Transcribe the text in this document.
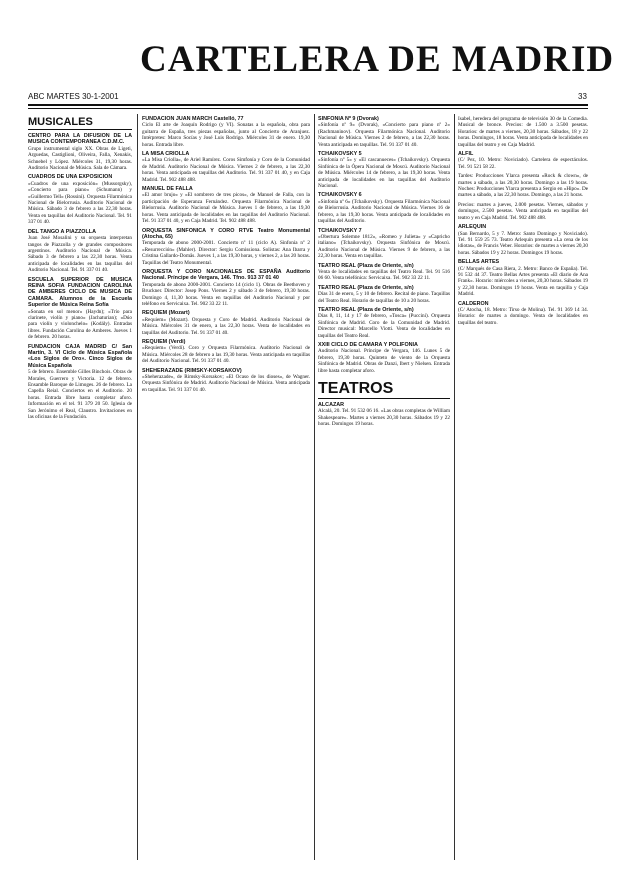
CARTELERA DE MADRID
ABC MARTES 30-1-2001	33
MUSICALES
CENTRO PARA LA DIFUSION DE LA MUSICA CONTEMPORANEA C.D.M.C.

Grupo instrumental siglo XX. Obras de Ligeti, Arguedas, Castiglioni, Oliveira, Falla, Xenakis, Schnebel y López. Miércoles 31, 19,30 horas. Auditorio Nacional de Música. Sala de Cámara.

CUADROS DE UNA EXPOSICION

«Cuadros de una exposición» (Mussorgsky), «Concierto para piano» (Schumann) y «Guillermo Tell» (Rossini). Orquesta Filarmónica Nacional de Bielorrusia. Auditorio Nacional de Música. Sábado 3 de febrero a las 22,30 horas. Venta en taquillas del Auditorio Nacional. Tel. 91 337 01 40.

DEL TANGO A PIAZZOLLA

Juan José Mosalini y su orquesta interpretan tangos de Piazzolla y de grandes compositores argentinos. Auditorio Nacional de Música. Sábado 3 de febrero a las 22,30 horas. Venta anticipada de localidades en las taquillas del Auditorio Nacional. Tel. 91 337 01 40.

ESCUELA SUPERIOR DE MUSICA REINA SOFIA FUNDACION CAROLINA DE AMBERES CICLO DE MUSICA DE CAMARA. Alumnos de la Escuela Superior de Música Reina Sofía

«Sonata en sol menor» (Haydn); «Trío para clarinete, violín y piano» (Jachaturian); «Dúo para violín y violonchelo» (Kodály). Entradas libres. Fundación Carolina de Amberes. Jueves 1 de febrero. 20 horas.

FUNDACION CAJA MADRID C/ San Martín, 3. VI Ciclo de Música Española «Los Siglos de Oro». Cinco Siglos de Música Española

5 de febrero. Ensemble Gilles Binchois. Obras de Morales, Guerrero y Victoria. 12 de febrero. Ensamble Baroque de Limoges. 26 de febrero. La Capella Reial. Conciertos en el Auditorio. 20 horas. Entrada libre hasta completar aforo. Información en el tel. 91 379 20 50. Iglesia de San Jerónimo el Real, Claustro. Invitaciones en las oficinas de la Fundación.

FUNDACION JUAN MARCH Castelló, 77

Ciclo El arte de Joaquín Rodrigo (y VI). Sonatas a la española, obra para guitarra de España, tres piezas españolas, junto al Concierto de Aranjuez. Intérpretes: Marco Socías y José Luis Rodrigo. Miércoles 31 de enero. 19,30 horas. Entrada libre.

LA MISA CRIOLLA

«La Misa Criolla», de Ariel Ramírez. Coros Simfonía y Coro de la Comunidad de Madrid. Auditorio Nacional de Música. Viernes 2 de febrero, a las 22,30 horas. Venta anticipada en taquillas del Auditorio. Tel. 91 337 01 40, y en Caja Madrid. Tel. 902 488 488.

MANUEL DE FALLA

«El amor brujo» y «El sombrero de tres picos», de Manuel de Falla, con la participación de Esperanza Fernández. Orquesta Filarmónica Nacional de Bielorrusia. Auditorio Nacional de Música. Jueves 1 de febrero, a las 19,30 horas. Venta anticipada de localidades en las taquillas del Auditorio Nacional. Tel. 91 337 01 40, y en Caja Madrid. Tel. 902 488 488.

ORQUESTA SINFONICA Y CORO RTVE Teatro Monumental (Atocha, 65)

Temporada de abono 2000-2001. Concierto nº 11 (ciclo A). Sinfonía nº 2 «Resurrección» (Mahler). Director: Sergiu Comissiona. Solistas: Ana Ibarra y Cristina Gallardo-Domâs. Jueves 1, a las 19,30 horas, y viernes 2, a las 20 horas. Taquillas del Teatro Monumental.

ORQUESTA Y CORO NACIONALES DE ESPAÑA Auditorio Nacional. Príncipe de Vergara, 146. Tfno. 913 37 01 40

Temporada de abono 2000-2001. Concierto 14 (ciclo 1). Obras de Beethoven y Bruckner. Director: Josep Pons. Viernes 2 y sábado 3 de febrero, 19,30 horas. Domingo 4, 11,30 horas. Venta en taquillas del Auditorio Nacional y por teléfono en Servicaixa. Tel. 902 33 22 11.

REQUIEM (Mozart)

«Requiem» (Mozart). Orquesta y Coro de Madrid. Auditorio Nacional de Música. Miércoles 31 de enero, a las 22,30 horas. Venta de localidades en taquillas del Auditorio. Tel. 91 337 01 40.

REQUIEM (Verdi)

«Requiem» (Verdi). Coro y Orquesta Filarmónica. Auditorio Nacional de Música. Miércoles 28 de febrero a las 19,30 horas. Venta anticipada en taquillas del Auditorio Nacional. Tel. 91 337 01 40.

SHEHERAZADE (RIMSKY-KORSAKOV)

«Sheherazade», de Rimsky-Korsakov; «El Ocaso de los dioses», de Wagner. Orquesta Sinfónica de Madrid. Auditorio Nacional de Música. Venta anticipada en taquillas. Tel. 91 337 01 40.

SINFONIA Nº 9 (Dvorak)

«Sinfonía nº 9» (Dvorak), «Concierto para piano nº 2» (Rachmaninov). Orquesta Filarmónica Nacional. Auditorio Nacional de Música. Viernes 2 de febrero, a las 22,30 horas. Venta anticipada en taquillas. Tel. 91 337 01 40.

TCHAIKOVSKY 5

«Sinfonía nº 5» y «El cascanueces» (Tchaikovsky). Orquesta Sinfónica de la Ópera Nacional de Moscú. Auditorio Nacional de Música. Miércoles 14 de febrero, a las 19,30 horas. Venta anticipada de localidades en las taquillas del Auditorio Nacional.

TCHAIKOVSKY 6

«Sinfonía nº 6» (Tchaikovsky). Orquesta Filarmónica Nacional de Bielorrusia. Auditorio Nacional de Música. Viernes 16 de febrero, a las 19,30 horas. Venta anticipada de localidades en taquillas del Auditorio.

TCHAIKOVSKY 7

«Obertura Solemne 1812», «Romeo y Julieta» y «Capricho italiano» (Tchaikovsky). Orquesta Sinfónica de Moscú. Auditorio Nacional de Música. Viernes 9 de febrero, a las 22,30 horas. Venta en taquillas.

TEATRO REAL (Plaza de Oriente, s/n)

Venta de localidades en taquillas del Teatro Real. Tel. 91 516 06 60. Venta telefónica: Servicaixa. Tel. 902 33 22 11.

TEATRO REAL (Plaza de Oriente, s/n)

Días 31 de enero, 5 y 10 de febrero. Recital de piano. Taquillas del Teatro Real. Horario de taquillas de 10 a 20 horas.

TEATRO REAL (Plaza de Oriente, s/n)

Días 8, 11, 14 y 17 de febrero, «Tosca» (Puccini). Orquesta Sinfónica de Madrid. Coro de la Comunidad de Madrid. Director musical: Marcello Viotti. Venta de localidades en taquillas del Teatro Real.

XXIII CICLO DE CAMARA Y POLIFONIA

Auditorio Nacional. Príncipe de Vergara, 146. Lunes 5 de febrero, 19,30 horas. Quinteto de viento de la Orquesta Sinfónica de Madrid. Obras de Danzi, Ibert y Nielsen. Entrada libre hasta completar aforo.

TEATROS
ALCAZAR

Alcalá, 20. Tel. 91 532 06 16. «Las obras completas de William Shakespeare». Martes a viernes 20,30 horas. Sábados 19 y 22 horas. Domingos 19 horas.

Isabel, heredera del programa de televisión 30 de la Comedia. Musical de bronce. Precios: de 1.500 a 3.500 pesetas. Horarios: de martes a viernes, 20,30 horas. Sábados, 18 y 22 horas. Domingos, 18 horas. Venta anticipada de localidades en taquillas del teatro y en Caja Madrid.

ALFIL

(C/ Pez, 10. Metro: Noviciado). Cartelera de espectáculos. Tel. 91 521 58 22.

Tardes: Producciones Ylarca presenta «Rock & clown», de martes a sábado, a las 20,30 horas. Domingo a las 19 horas. Noches: Producciones Ylarca presenta a Sergio en «Hipo». De martes a sábado, a las 22,30 horas. Domingo, a las 21 horas.

Precios: martes a jueves, 2.000 pesetas. Viernes, sábados y domingos, 2.500 pesetas. Venta anticipada en taquillas del teatro y en Caja Madrid. Tel. 902 488 488.

ARLEQUIN

(San Bernardo, 5 y 7. Metro: Santo Domingo y Noviciado). Tel. 91 559 25 73. Teatro Arlequín presenta «La cena de los idiotas», de Francis Veber. Horarios: de martes a viernes 20,30 horas. Sábados 19 y 22 horas. Domingos 19 horas.

BELLAS ARTES

(C/ Marqués de Casa Riera, 2. Metro: Banco de España). Tel. 91 532 44 37. Teatro Bellas Artes presenta «El diario de Ana Frank». Horario: miércoles a viernes, 20,30 horas. Sábados 19 y 22,30 horas. Domingos 19 horas. Venta en taquilla y Caja Madrid.

CALDERON

(C/ Atocha, 18. Metro: Tirso de Molina). Tel. 91 369 14 34. Horario: de martes a domingo. Venta de localidades en taquillas del teatro.
